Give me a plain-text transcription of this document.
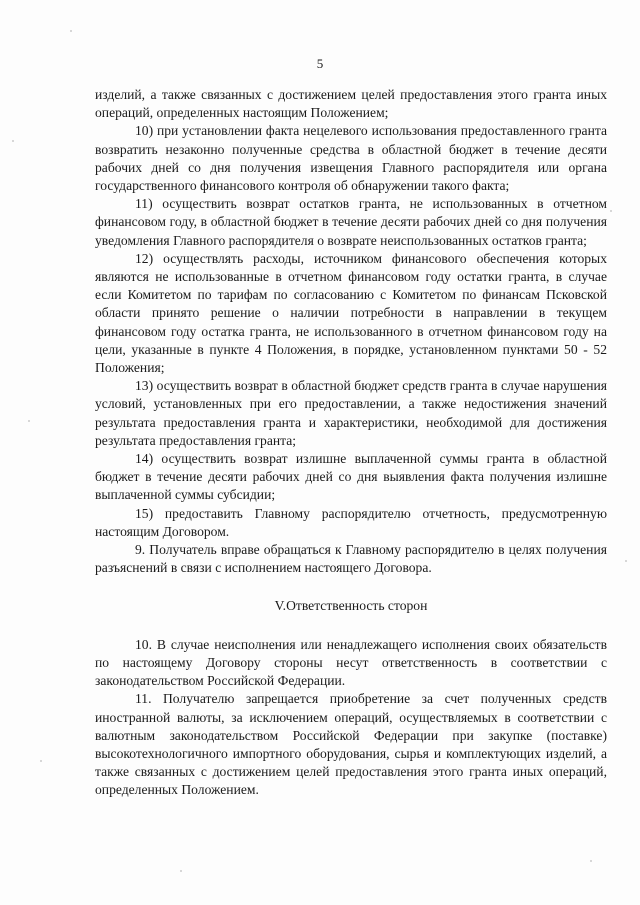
5

изделий, а также связанных с достижением целей предоставления этого гранта иных операций, определенных настоящим Положением;

10) при установлении факта нецелевого использования предоставленного гранта возвратить незаконно полученные средства в областной бюджет в течение десяти рабочих дней со дня получения извещения Главного распорядителя или органа государственного финансового контроля об обнаружении такого факта;

11) осуществить возврат остатков гранта, не использованных в отчетном финансовом году, в областной бюджет в течение десяти рабочих дней со дня получения уведомления Главного распорядителя о возврате неиспользованных остатков гранта;

12) осуществлять расходы, источником финансового обеспечения которых являются не использованные в отчетном финансовом году остатки гранта, в случае если Комитетом по тарифам по согласованию с Комитетом по финансам Псковской области принято решение о наличии потребности в направлении в текущем финансовом году остатка гранта, не использованного в отчетном финансовом году на цели, указанные в пункте 4 Положения, в порядке, установленном пунктами 50 - 52 Положения;

13) осуществить возврат в областной бюджет средств гранта в случае нарушения условий, установленных при его предоставлении, а также недостижения значений результата предоставления гранта и характеристики, необходимой для достижения результата предоставления гранта;

14) осуществить возврат излишне выплаченной суммы гранта в областной бюджет в течение десяти рабочих дней со дня выявления факта получения излишне выплаченной суммы субсидии;

15) предоставить Главному распорядителю отчетность, предусмотренную настоящим Договором.

9. Получатель вправе обращаться к Главному распорядителю в целях получения разъяснений в связи с исполнением настоящего Договора.

V.Ответственность сторон

10. В случае неисполнения или ненадлежащего исполнения своих обязательств по настоящему Договору стороны несут ответственность в соответствии с законодательством Российской Федерации.

11. Получателю запрещается приобретение за счет полученных средств иностранной валюты, за исключением операций, осуществляемых в соответствии с валютным законодательством Российской Федерации при закупке (поставке) высокотехнологичного импортного оборудования, сырья и комплектующих изделий, а также связанных с достижением целей предоставления этого гранта иных операций, определенных Положением.
